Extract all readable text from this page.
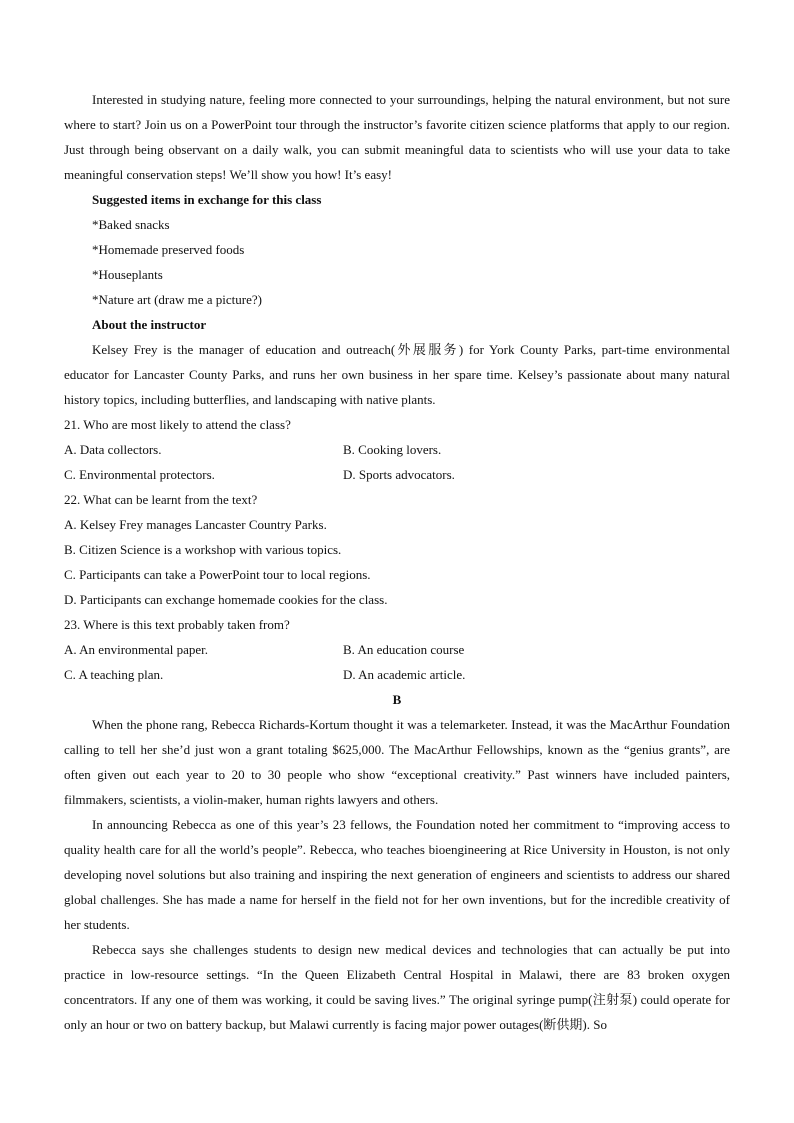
Interested in studying nature, feeling more connected to your surroundings, helping the natural environment, but not sure where to start? Join us on a PowerPoint tour through the instructor’s favorite citizen science platforms that apply to our region. Just through being observant on a daily walk, you can submit meaningful data to scientists who will use your data to take meaningful conservation steps! We’ll show you how! It’s easy!

Suggested items in exchange for this class

*Baked snacks

*Homemade preserved foods

*Houseplants

*Nature art (draw me a picture?)

About the instructor

Kelsey Frey is the manager of education and outreach(外展服务) for York County Parks, part-time environmental educator for Lancaster County Parks, and runs her own business in her spare time. Kelsey’s passionate about many natural history topics, including butterflies, and landscaping with native plants.

21. Who are most likely to attend the class?

A. Data collectors.	B. Cooking lovers.
C. Environmental protectors.	D. Sports advocators.

22. What can be learnt from the text?

A. Kelsey Frey manages Lancaster Country Parks.

B. Citizen Science is a workshop with various topics.

C. Participants can take a PowerPoint tour to local regions.

D. Participants can exchange homemade cookies for the class.

23. Where is this text probably taken from?

A. An environmental paper.	B. An education course
C. A teaching plan.	D. An academic article.

B

When the phone rang, Rebecca Richards-Kortum thought it was a telemarketer. Instead, it was the MacArthur Foundation calling to tell her she’d just won a grant totaling $625,000. The MacArthur Fellowships, known as the “genius grants”, are often given out each year to 20 to 30 people who show “exceptional creativity.” Past winners have included painters, filmmakers, scientists, a violin-maker, human rights lawyers and others.

In announcing Rebecca as one of this year’s 23 fellows, the Foundation noted her commitment to “improving access to quality health care for all the world’s people”. Rebecca, who teaches bioengineering at Rice University in Houston, is not only developing novel solutions but also training and inspiring the next generation of engineers and scientists to address our shared global challenges. She has made a name for herself in the field not for her own inventions, but for the incredible creativity of her students.

Rebecca says she challenges students to design new medical devices and technologies that can actually be put into practice in low-resource settings. “In the Queen Elizabeth Central Hospital in Malawi, there are 83 broken oxygen concentrators. If any one of them was working, it could be saving lives.” The original syringe pump(注射泵) could operate for only an hour or two on battery backup, but Malawi currently is facing major power outages(断供期). So
